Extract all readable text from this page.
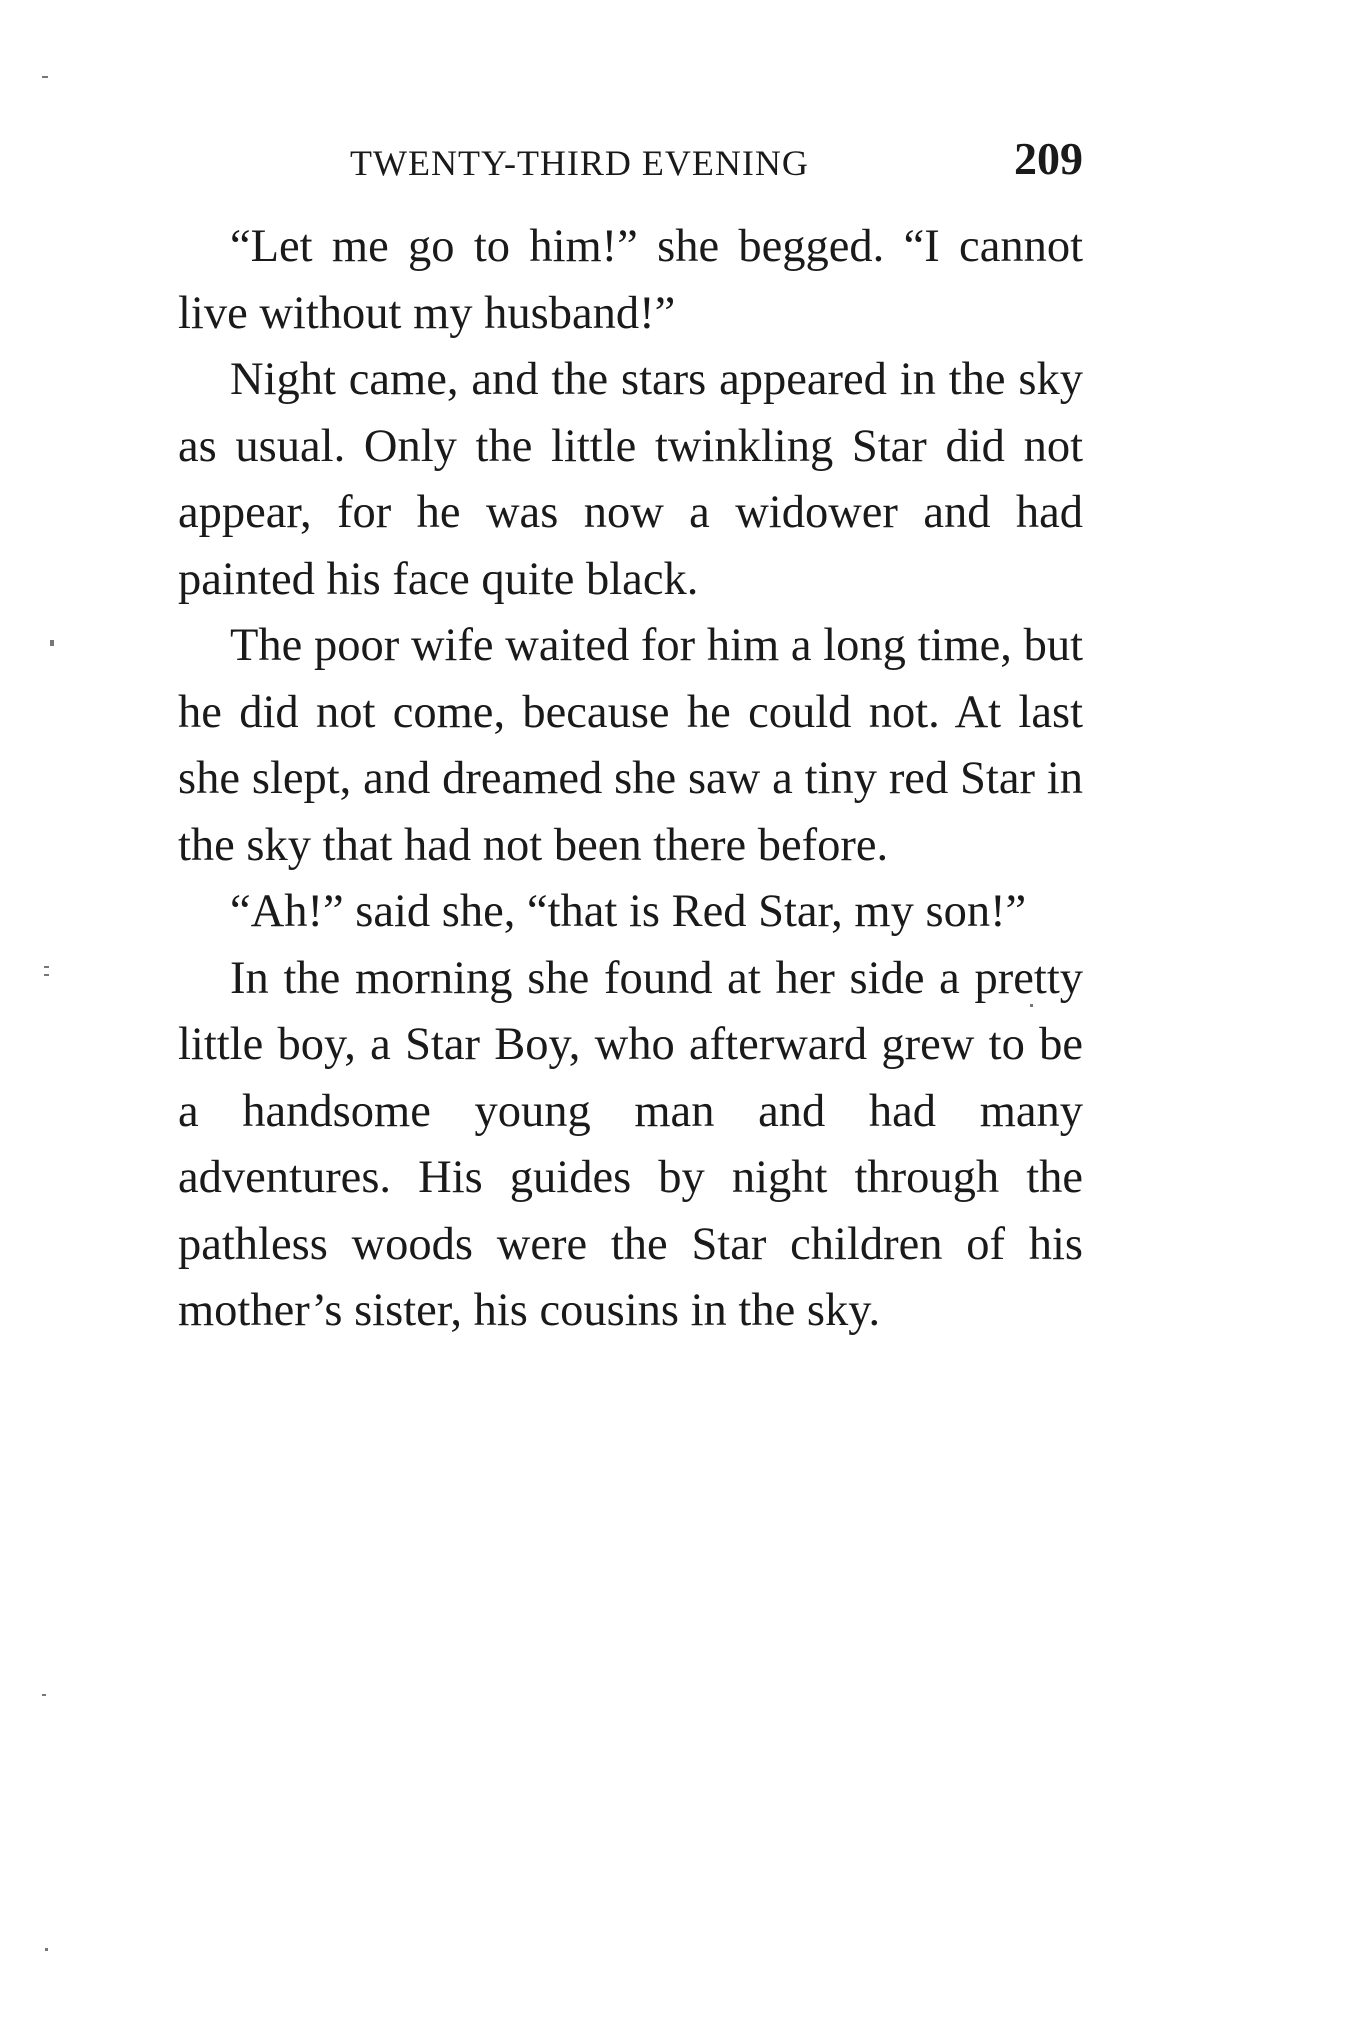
TWENTY-THIRD EVENING	209

“Let me go to him!” she begged. “I cannot live without my husband!”

Night came, and the stars appeared in the sky as usual. Only the little twinkling Star did not appear, for he was now a widower and had painted his face quite black.

The poor wife waited for him a long time, but he did not come, because he could not. At last she slept, and dreamed she saw a tiny red Star in the sky that had not been there before.

“Ah!” said she, “that is Red Star, my son!”

In the morning she found at her side a pretty little boy, a Star Boy, who afterward grew to be a handsome young man and had many adventures. His guides by night through the pathless woods were the Star children of his mother’s sister, his cousins in the sky.
